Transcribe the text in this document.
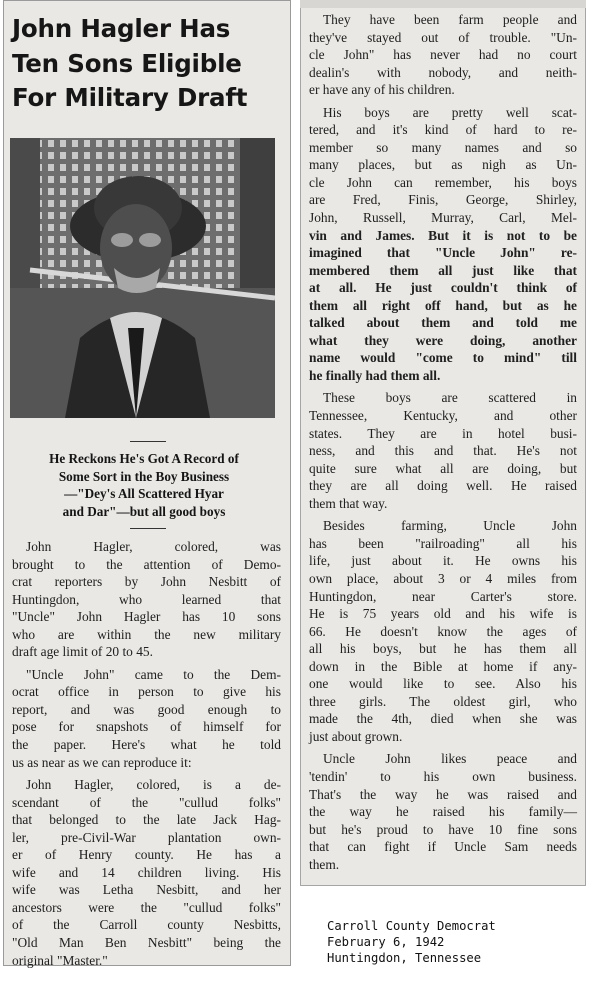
John Hagler Has
Ten Sons Eligible
For Military Draft
He Reckons He's Got A Record of
Some Sort in the Boy Business
—"Dey's All Scattered Hyar
and Dar"—but all good boys
John Hagler, colored, was
brought to the attention of Demo-
crat reporters by John Nesbitt of
Huntingdon, who learned that
"Uncle" John Hagler has 10 sons
who are within the new military
draft age limit of 20 to 45.
"Uncle John" came to the Dem-
ocrat office in person to give his
report, and was good enough to
pose for snapshots of himself for
the paper. Here's what he told
us as near as we can reproduce it:
John Hagler, colored, is a de-
scendant of the "cullud folks"
that belonged to the late Jack Hag-
ler, pre-Civil-War plantation own-
er of Henry county. He has a
wife and 14 children living. His
wife was Letha Nesbitt, and her
ancestors were the "cullud folks"
of the Carroll county Nesbitts,
"Old Man Ben Nesbitt" being the
original "Master."
They have been farm people and
they've stayed out of trouble. "Un-
cle John" has never had no court
dealin's with nobody, and neith-
er have any of his children.
His boys are pretty well scat-
tered, and it's kind of hard to re-
member so many names and so
many places, but as nigh as Un-
cle John can remember, his boys
are Fred, Finis, George, Shirley,
John, Russell, Murray, Carl, Mel-
vin and James. But it is not to be
imagined that "Uncle John" re-
membered them all just like that
at all. He just couldn't think of
them all right off hand, but as he
talked about them and told me
what they were doing, another
name would "come to mind" till
he finally had them all.
These boys are scattered in
Tennessee, Kentucky, and other
states. They are in hotel busi-
ness, and this and that. He's not
quite sure what all are doing, but
they are all doing well. He raised
them that way.
Besides farming, Uncle John
has been "railroading" all his
life, just about it. He owns his
own place, about 3 or 4 miles from
Huntingdon, near Carter's store.
He is 75 years old and his wife is
66. He doesn't know the ages of
all his boys, but he has them all
down in the Bible at home if any-
one would like to see. Also his
three girls. The oldest girl, who
made the 4th, died when she was
just about grown.
Uncle John likes peace and
'tendin' to his own business.
That's the way he was raised and
the way he raised his family—
but he's proud to have 10 fine sons
that can fight if Uncle Sam needs
them.
Carroll County Democrat
February 6, 1942
Huntingdon, Tennessee
